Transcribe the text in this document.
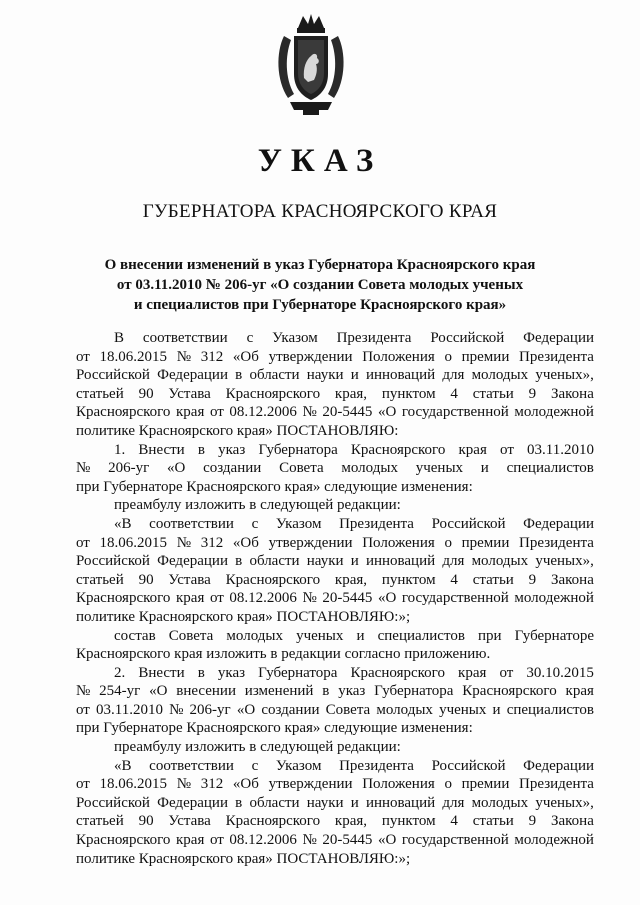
УКАЗ
ГУБЕРНАТОРА КРАСНОЯРСКОГО КРАЯ
О внесении изменений в указ Губернатора Красноярского края
от 03.11.2010 № 206-уг «О создании Совета молодых ученых
и специалистов при Губернаторе Красноярского края»
В соответствии с Указом Президента Российской Федерации
от 18.06.2015 № 312 «Об утверждении Положения о премии Президента
Российской Федерации в области науки и инноваций для молодых ученых»,
статьей 90 Устава Красноярского края, пунктом 4 статьи 9 Закона
Красноярского края от 08.12.2006 № 20-5445 «О государственной молодежной
политике Красноярского края» ПОСТАНОВЛЯЮ:
1. Внести в указ Губернатора Красноярского края от 03.11.2010
№ 206-уг «О создании Совета молодых ученых и специалистов
при Губернаторе Красноярского края» следующие изменения:
преамбулу изложить в следующей редакции:
«В соответствии с Указом Президента Российской Федерации
от 18.06.2015 № 312 «Об утверждении Положения о премии Президента
Российской Федерации в области науки и инноваций для молодых ученых»,
статьей 90 Устава Красноярского края, пунктом 4 статьи 9 Закона
Красноярского края от 08.12.2006 № 20-5445 «О государственной молодежной
политике Красноярского края» ПОСТАНОВЛЯЮ:»;
состав Совета молодых ученых и специалистов при Губернаторе
Красноярского края изложить в редакции согласно приложению.
2. Внести в указ Губернатора Красноярского края от 30.10.2015
№ 254-уг «О внесении изменений в указ Губернатора Красноярского края
от 03.11.2010 № 206-уг «О создании Совета молодых ученых и специалистов
при Губернаторе Красноярского края» следующие изменения:
преамбулу изложить в следующей редакции:
«В соответствии с Указом Президента Российской Федерации
от 18.06.2015 № 312 «Об утверждении Положения о премии Президента
Российской Федерации в области науки и инноваций для молодых ученых»,
статьей 90 Устава Красноярского края, пунктом 4 статьи 9 Закона
Красноярского края от 08.12.2006 № 20-5445 «О государственной молодежной
политике Красноярского края» ПОСТАНОВЛЯЮ:»;
